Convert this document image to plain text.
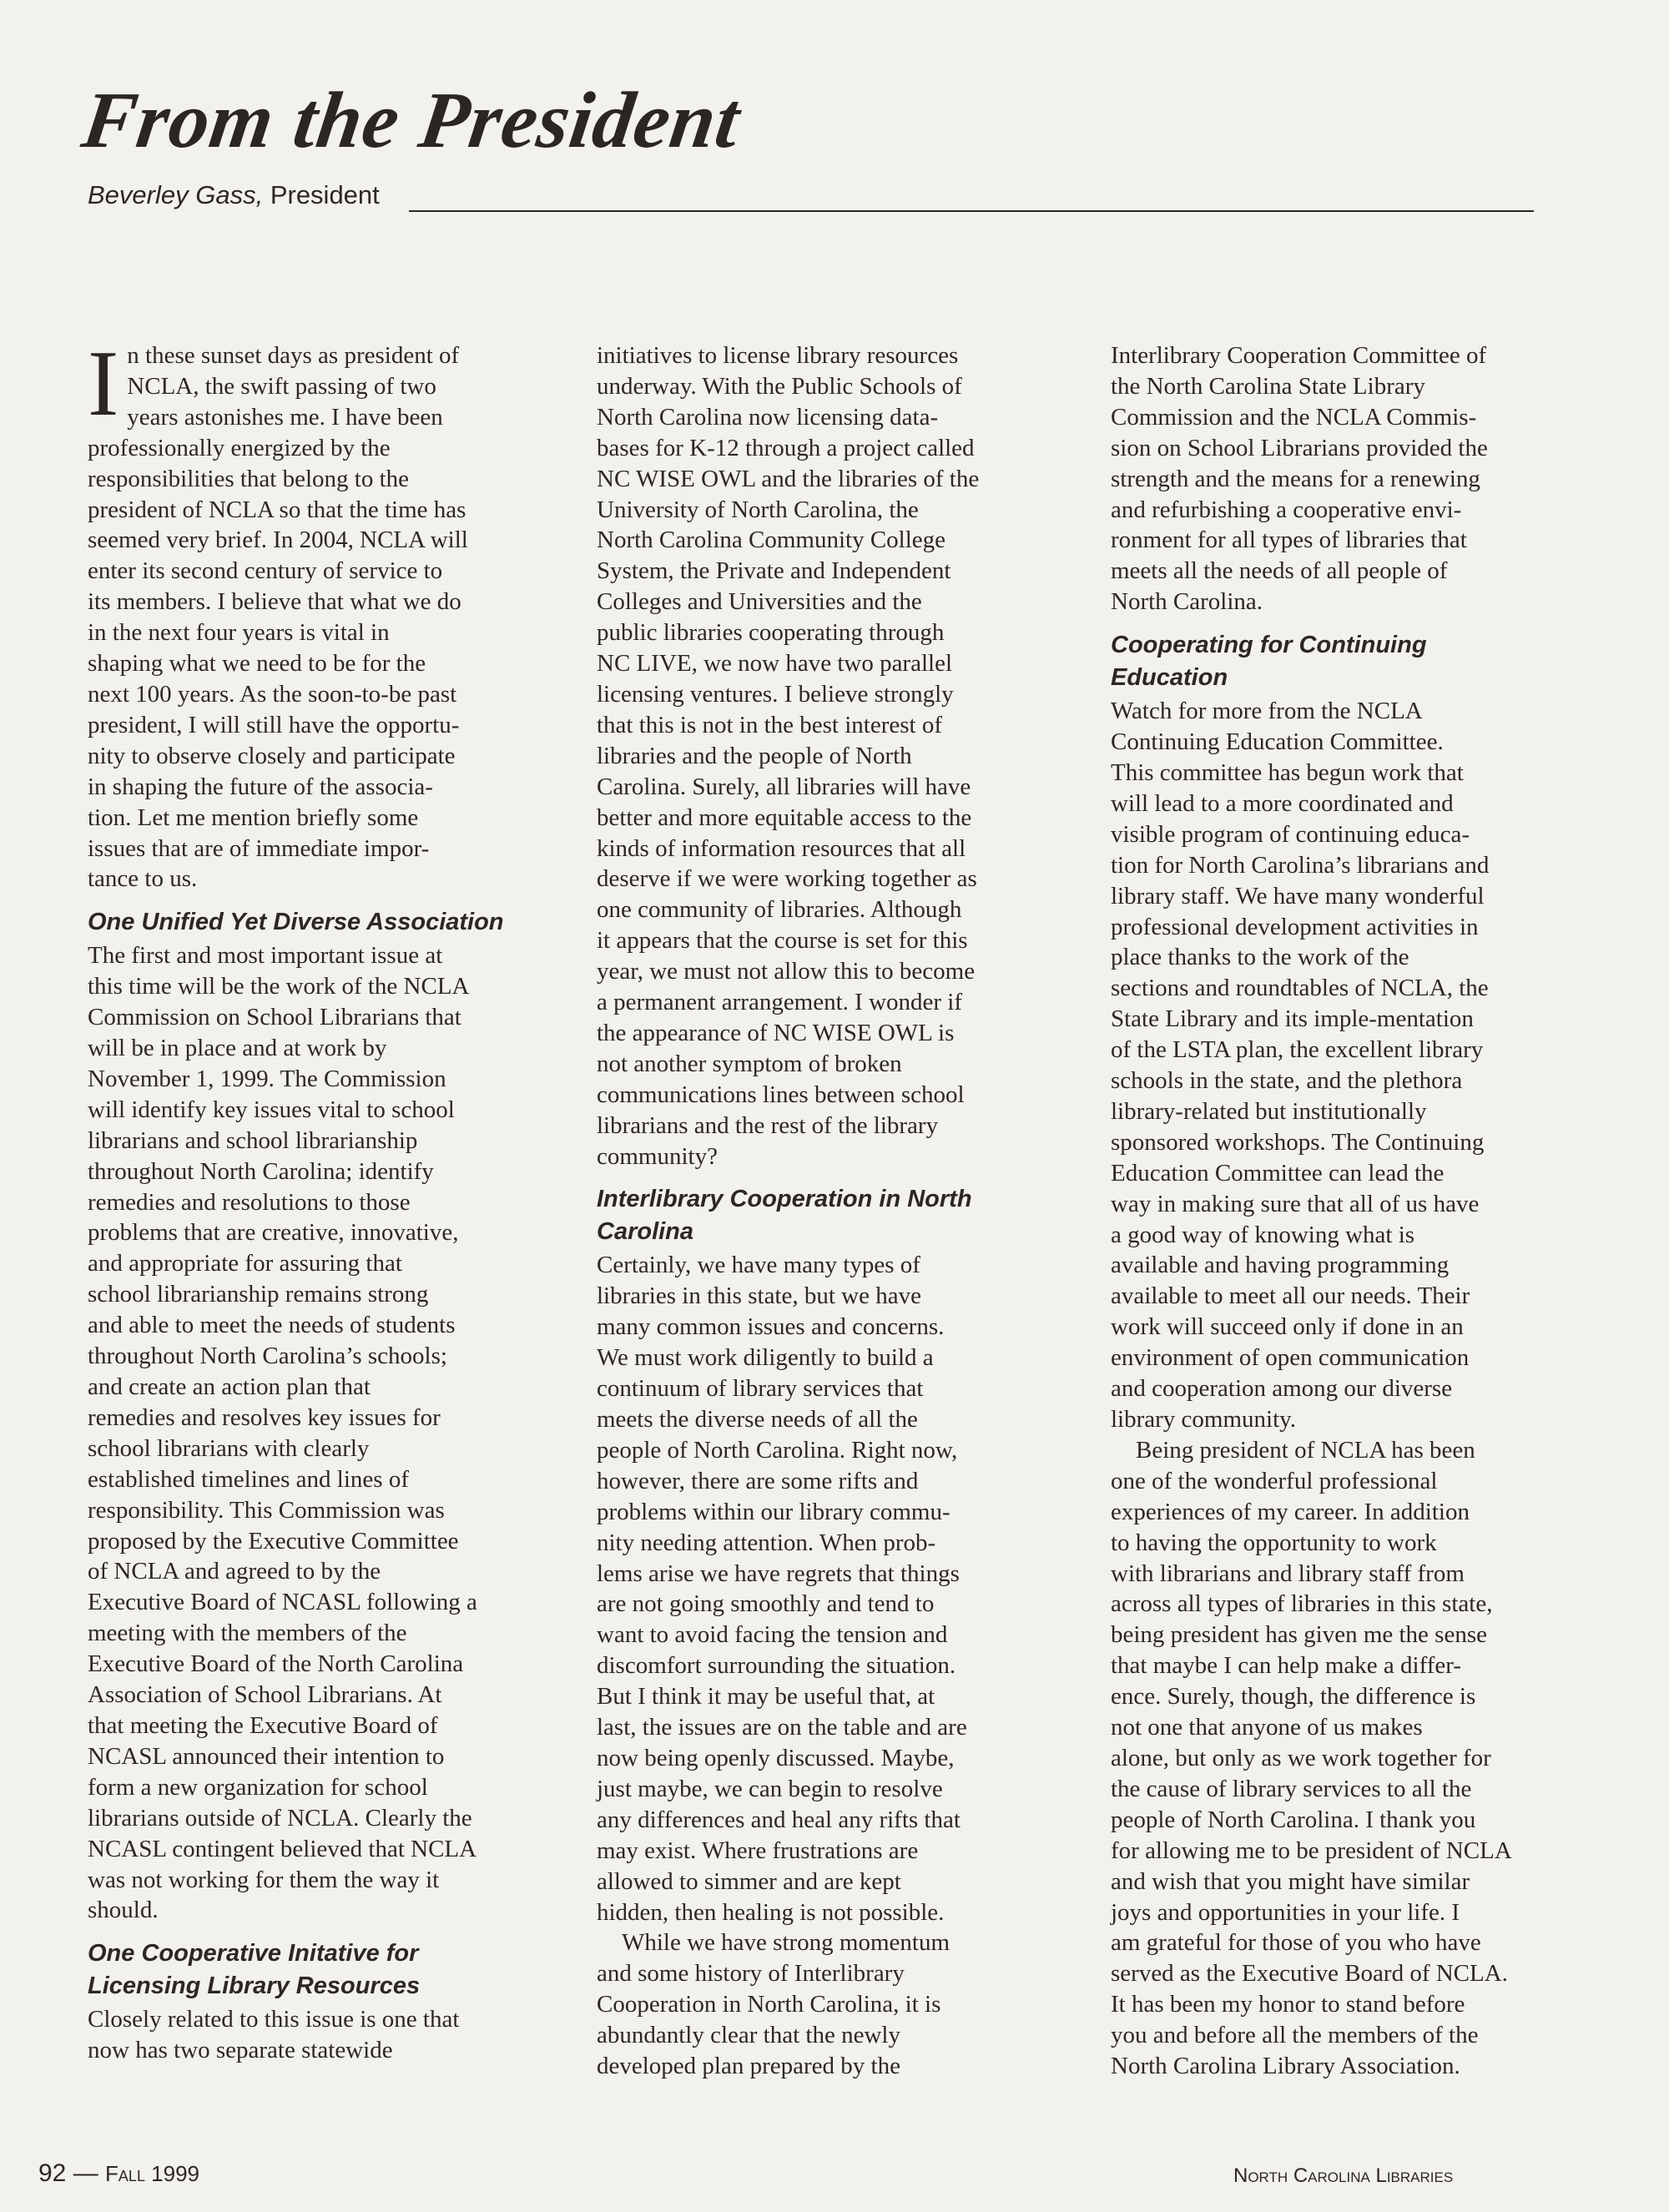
From the President
Beverley Gass, President
I n these sunset days as president of
NCLA, the swift passing of two
years astonishes me. I have been
professionally energized by the
responsibilities that belong to the
president of NCLA so that the time has
seemed very brief. In 2004, NCLA will
enter its second century of service to
its members. I believe that what we do
in the next four years is vital in
shaping what we need to be for the
next 100 years. As the soon-to-be past
president, I will still have the opportu-
nity to observe closely and participate
in shaping the future of the associa-
tion. Let me mention briefly some
issues that are of immediate impor-
tance to us.
One Unified Yet Diverse Association
The first and most important issue at
this time will be the work of the NCLA
Commission on School Librarians that
will be in place and at work by
November 1, 1999. The Commission
will identify key issues vital to school
librarians and school librarianship
throughout North Carolina; identify
remedies and resolutions to those
problems that are creative, innovative,
and appropriate for assuring that
school librarianship remains strong
and able to meet the needs of students
throughout North Carolina’s schools;
and create an action plan that
remedies and resolves key issues for
school librarians with clearly
established timelines and lines of
responsibility. This Commission was
proposed by the Executive Committee
of NCLA and agreed to by the
Executive Board of NCASL following a
meeting with the members of the
Executive Board of the North Carolina
Association of School Librarians. At
that meeting the Executive Board of
NCASL announced their intention to
form a new organization for school
librarians outside of NCLA. Clearly the
NCASL contingent believed that NCLA
was not working for them the way it
should.
One Cooperative Initative for
Licensing Library Resources
Closely related to this issue is one that
now has two separate statewide
initiatives to license library resources
underway. With the Public Schools of
North Carolina now licensing data-
bases for K-12 through a project called
NC WISE OWL and the libraries of the
University of North Carolina, the
North Carolina Community College
System, the Private and Independent
Colleges and Universities and the
public libraries cooperating through
NC LIVE, we now have two parallel
licensing ventures. I believe strongly
that this is not in the best interest of
libraries and the people of North
Carolina. Surely, all libraries will have
better and more equitable access to the
kinds of information resources that all
deserve if we were working together as
one community of libraries. Although
it appears that the course is set for this
year, we must not allow this to become
a permanent arrangement. I wonder if
the appearance of NC WISE OWL is
not another symptom of broken
communications lines between school
librarians and the rest of the library
community?
Interlibrary Cooperation in North
Carolina
Certainly, we have many types of
libraries in this state, but we have
many common issues and concerns.
We must work diligently to build a
continuum of library services that
meets the diverse needs of all the
people of North Carolina. Right now,
however, there are some rifts and
problems within our library commu-
nity needing attention. When prob-
lems arise we have regrets that things
are not going smoothly and tend to
want to avoid facing the tension and
discomfort surrounding the situation.
But I think it may be useful that, at
last, the issues are on the table and are
now being openly discussed. Maybe,
just maybe, we can begin to resolve
any differences and heal any rifts that
may exist. Where frustrations are
allowed to simmer and are kept
hidden, then healing is not possible.
While we have strong momentum
and some history of Interlibrary
Cooperation in North Carolina, it is
abundantly clear that the newly
developed plan prepared by the
Interlibrary Cooperation Committee of
the North Carolina State Library
Commission and the NCLA Commis-
sion on School Librarians provided the
strength and the means for a renewing
and refurbishing a cooperative envi-
ronment for all types of libraries that
meets all the needs of all people of
North Carolina.
Cooperating for Continuing
Education
Watch for more from the NCLA
Continuing Education Committee.
This committee has begun work that
will lead to a more coordinated and
visible program of continuing educa-
tion for North Carolina’s librarians and
library staff. We have many wonderful
professional development activities in
place thanks to the work of the
sections and roundtables of NCLA, the
State Library and its imple-mentation
of the LSTA plan, the excellent library
schools in the state, and the plethora
library-related but institutionally
sponsored workshops. The Continuing
Education Committee can lead the
way in making sure that all of us have
a good way of knowing what is
available and having programming
available to meet all our needs. Their
work will succeed only if done in an
environment of open communication
and cooperation among our diverse
library community.
Being president of NCLA has been
one of the wonderful professional
experiences of my career. In addition
to having the opportunity to work
with librarians and library staff from
across all types of libraries in this state,
being president has given me the sense
that maybe I can help make a differ-
ence. Surely, though, the difference is
not one that anyone of us makes
alone, but only as we work together for
the cause of library services to all the
people of North Carolina. I thank you
for allowing me to be president of NCLA
and wish that you might have similar
joys and opportunities in your life. I
am grateful for those of you who have
served as the Executive Board of NCLA.
It has been my honor to stand before
you and before all the members of the
North Carolina Library Association.
92 — Fall 1999	North Carolina Libraries
